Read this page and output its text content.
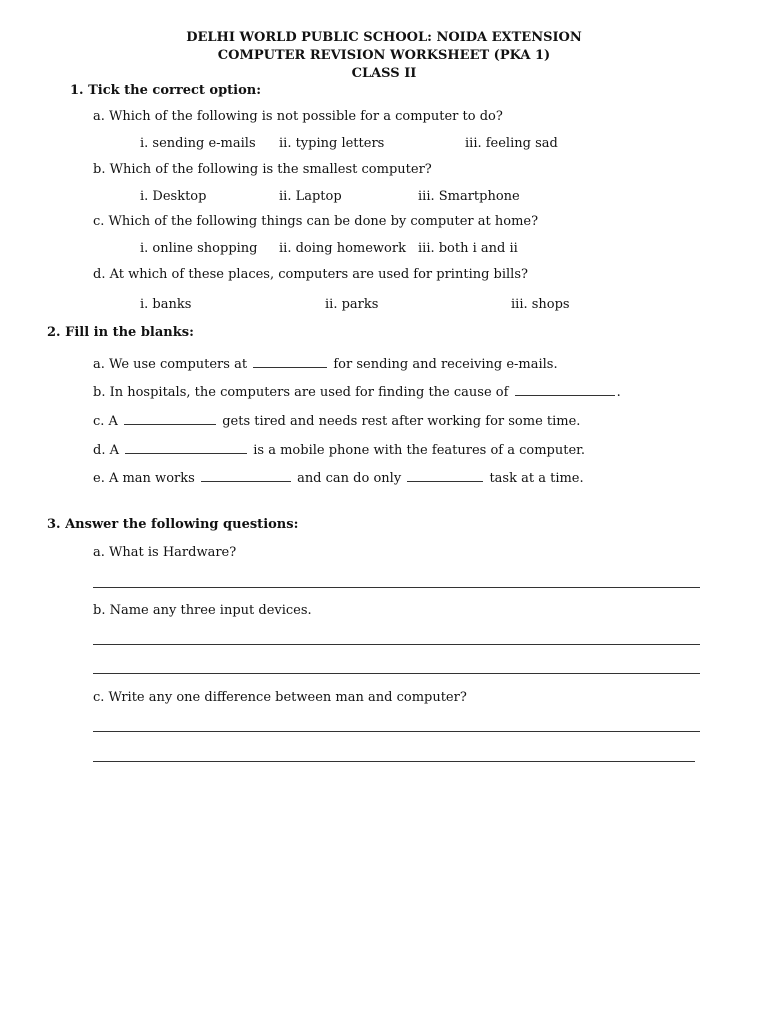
DELHI WORLD PUBLIC SCHOOL: NOIDA EXTENSION
COMPUTER REVISION WORKSHEET (PKA 1)
CLASS II
1. Tick the correct option:
a. Which of the following is not possible for a computer to do?
i. sending e-mails ii. typing letters	iii. feeling sad
b. Which of the following is the smallest computer?
i. Desktop	ii. Laptop	iii. Smartphone
c. Which of the following things can be done by computer at home?
i. online shopping ii. doing homework iii. both i and ii
d. At which of these places, computers are used for printing bills?
i. banks	ii. parks	iii. shops
2. Fill in the blanks:
a. We use computers at	for sending and receiving e-mails.
b. In hospitals, the computers are used for finding the cause of	.
c. A	gets tired and needs rest after working for some time.
d. A	is a mobile phone with the features of a computer.
e. A man works	and can do only	task at a time.
3. Answer the following questions:
a. What is Hardware?
b. Name any three input devices.
c. Write any one difference between man and computer?
